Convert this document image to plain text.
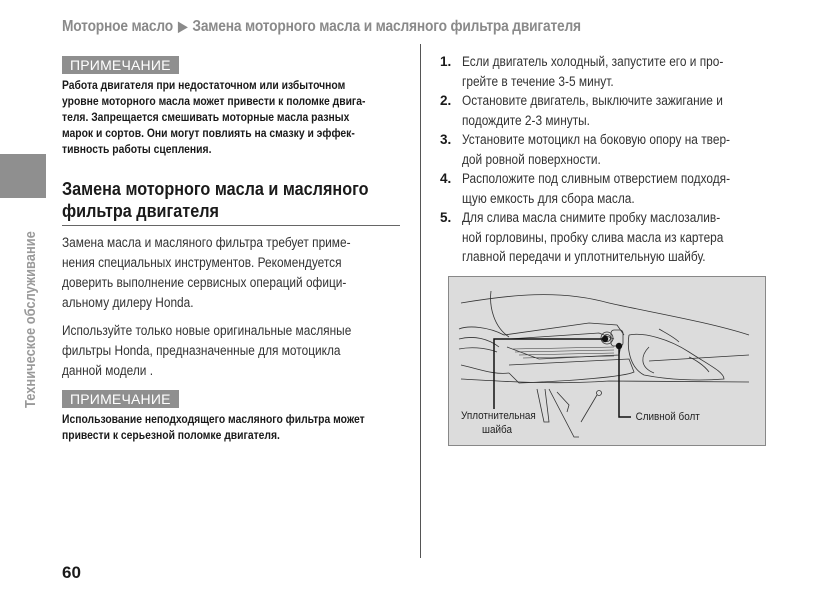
Моторное масло ▶ Замена моторного масла и масляного фильтра двигателя
Техническое обслуживание
ПРИМЕЧАНИЕ
Работа двигателя при недостаточном или избыточном
уровне моторного масла может привести к поломке двига-
теля. Запрещается смешивать моторные масла разных
марок и сортов. Они могут повлиять на смазку и эффек-
тивность работы сцепления.
Замена моторного масла и масляного
фильтра двигателя
Замена масла и масляного фильтра требует приме-
нения специальных инструментов. Рекомендуется
доверить выполнение сервисных операций офици-
альному дилеру Honda.
Используйте только новые оригинальные масляные
фильтры Honda, предназначенные для мотоцикла
данной модели .
ПРИМЕЧАНИЕ
Использование неподходящего масляного фильтра может
привести к серьезной поломке двигателя.
1. Если двигатель холодный, запустите его и про-
грейте в течение 3-5 минут.
2. Остановите двигатель, выключите зажигание и
подождите 2-3 минуты.
3. Установите мотоцикл на боковую опору на твер-
дой ровной поверхности.
4. Расположите под сливным отверстием подходя-
щую емкость для сбора масла.
5. Для слива масла снимите пробку маслозалив-
ной горловины, пробку слива масла из картера
главной передачи и уплотнительную шайбу.
Уплотнительная
шайба
Сливной болт
60
